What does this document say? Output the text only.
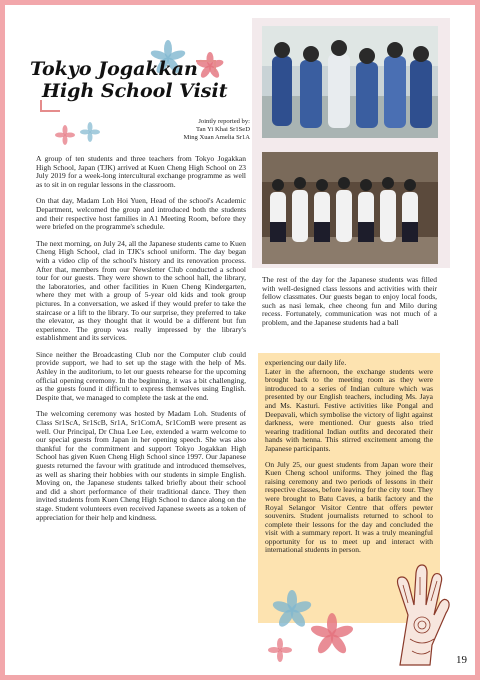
Tokyo Jogakkan
High School Visit
Jointly reported by:
Tan Yi Khai Sr1SeD
Ming Xuan Amelia Sr1A

A group of ten students and three teachers from Tokyo Jogakkan High School, Japan (TJK) arrived at Kuen Cheng High School on 23 July 2019 for a week-long intercultural exchange programme as well as to sit in on regular lessons in the classroom.

On that day, Madam Loh Hoi Yuen, Head of the school's Academic Department, welcomed the group and introduced both the students and their respective host families in A1 Meeting Room, before they were briefed on the programme's schedule.

The next morning, on July 24, all the Japanese students came to Kuen Cheng High School, clad in TJK's school uniform. The day began with a video clip of the school's history and its renovation process. After that, members from our Newsletter Club conducted a school tour for our guests. They were shown to the school hall, the library, the laboratories, and other facilities in Kuen Cheng Kindergarten, where they met with a group of 5-year old kids and took group pictures. In a conversation, we asked if they would prefer to take the staircase or a lift to the library. To our surprise, they preferred to take the elevator, as they thought that it would be a different but fun experience. The group was really impressed by the library's establishment and its services.

Since neither the Broadcasting Club nor the Computer club could provide support, we had to set up the stage with the help of Ms. Ashley in the auditorium, to let our guests rehearse for the upcoming official opening ceremony. In the beginning, it was a bit challenging, as the guests found it difficult to express themselves using English. Despite that, we managed to complete the task at the end.

The welcoming ceremony was hosted by Madam Loh. Students of Class Sr1ScA, Sr1ScB, Sr1A, Sr1ComA, Sr1ComB were present as well. Our Principal, Dr Chua Lee Lee, extended a warm welcome to our special guests from Japan in her opening speech. She was also thankful for the commitment and support Tokyo Jogakkan High School has given Kuen Cheng High School since 1997. Our Japanese guests returned the favour with gratitude and introduced themselves, as well as sharing their hobbies with our students in simple English. Moving on, the Japanese students talked briefly about their school and did a short performance of their traditional dance. They then invited students from Kuen Cheng High School to dance along on the stage. Student volunteers even received Japanese sweets as a token of appreciation for their help and kindness.

The rest of the day for the Japanese students was filled with well-designed class lessons and activities with their fellow classmates. Our guests began to enjoy local foods, such as nasi lemak, chee cheong fun and Milo during recess. Fortunately, communication was not much of a problem, and the Japanese students had a ball

experiencing our daily life.
Later in the afternoon, the exchange students were brought back to the meeting room as they were introduced to a series of Indian culture which was presented by our English teachers, including Ms. Jaya and Ms. Kasturi. Festive activities like Pongal and Deepavali, which symbolise the victory of light against darkness, were mentioned. Our guests also tried wearing traditional Indian outfits and decorated their hands with henna. This stirred excitement among the Japanese participants.

On July 25, our guest students from Japan wore their Kuen Cheng school uniforms. They joined the flag raising ceremony and two periods of lessons in their respective classes, before leaving for the city tour. They were brought to Batu Caves, a batik factory and the Royal Selangor Visitor Centre that offers pewter souvenirs. Student journalists returned to school to complete their lessons for the day and concluded the visit with a summary report. It was a truly meaningful opportunity for us to meet up and interact with international students in person.

19
